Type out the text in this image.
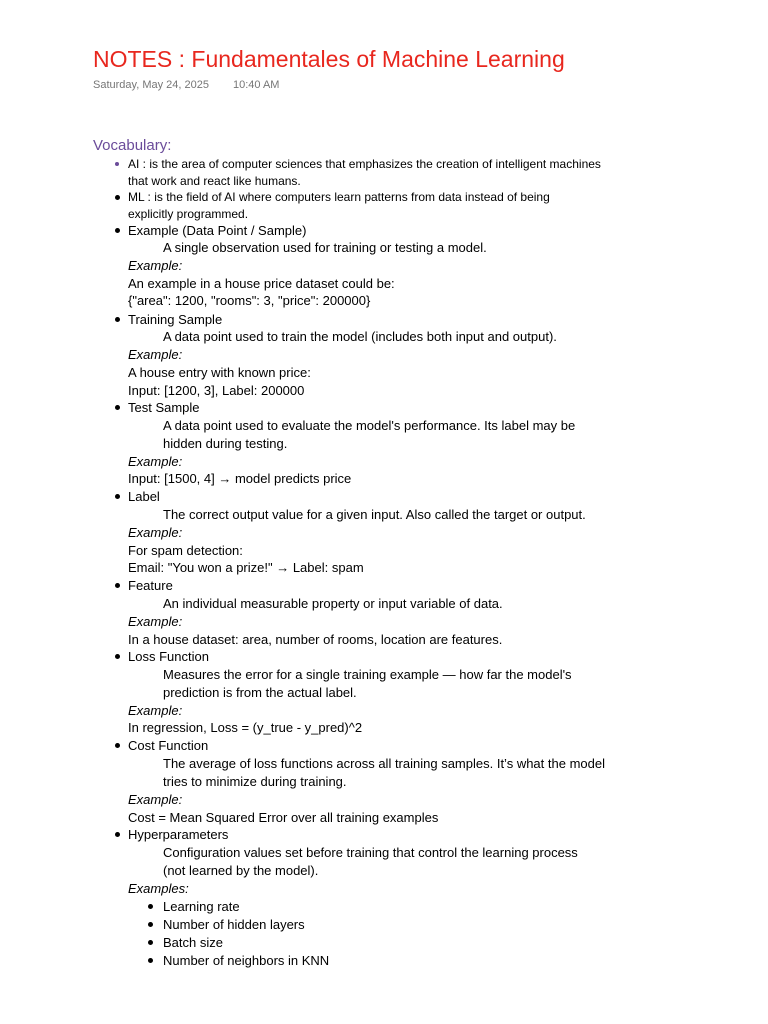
NOTES : Fundamentales of Machine Learning
Saturday, May 24, 2025 10:40 AM
Vocabulary:
AI : is the area of computer sciences that emphasizes the creation of intelligent machines
that work and react like humans.
ML : is the field of AI where computers learn patterns from data instead of being
explicitly programmed.
Example (Data Point / Sample)
A single observation used for training or testing a model.
Example:
An example in a house price dataset could be:
{"area": 1200, "rooms": 3, "price": 200000}
Training Sample
A data point used to train the model (includes both input and output).
Example:
A house entry with known price:
Input: [1200, 3], Label: 200000
Test Sample
A data point used to evaluate the model's performance. Its label may be
hidden during testing.
Example:
Input: [1500, 4] → model predicts price
Label
The correct output value for a given input. Also called the target or output.
Example:
For spam detection:
Email: "You won a prize!" → Label: spam
Feature
An individual measurable property or input variable of data.
Example:
In a house dataset: area, number of rooms, location are features.
Loss Function
Measures the error for a single training example — how far the model's
prediction is from the actual label.
Example:
In regression, Loss = (y_true - y_pred)^2
Cost Function
The average of loss functions across all training samples. It’s what the model
tries to minimize during training.
Example:
Cost = Mean Squared Error over all training examples
Hyperparameters
Configuration values set before training that control the learning process
(not learned by the model).
Examples:
Learning rate
Number of hidden layers
Batch size
Number of neighbors in KNN
